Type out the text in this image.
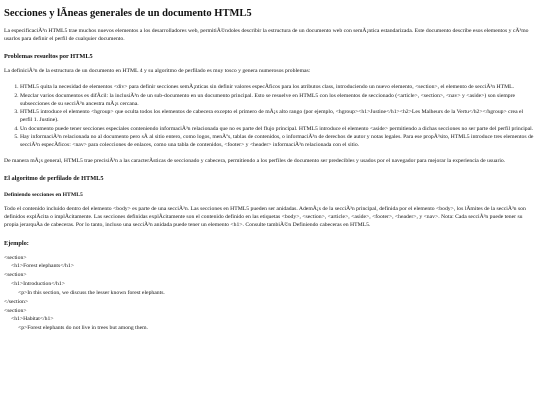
Secciones y lÃneas generales de un documento HTML5

La especificaciÃ³n HTML5 trae muchos nuevos elementos a los desarrolladores web, permitiÃ©ndoles describir la estructura de un documento web con semÃ¡ntica estandarizada. Este documento describe esos elementos y cÃ³mo usarlos para definir el perfil de cualquier documento.

Problemas resueltos por HTML5

La definiciÃ³n de la estructura de un documento en HTML 4 y su algoritmo de perfilado es muy tosco y genera numerosos problemas:

1. HTML5 quita la necesidad de elementos <div> para definir secciones semÃ¡nticas sin definir valores especÃficos para los atributos class, introduciendo un nuevo elemento, <section>, el elemento de secciÃ³n HTML.
2. Mezclar varios documentos es difÃcil: la inclusiÃ³n de un sub-documento en un documento principal. Esto se resuelve en HTML5 con los elementos de seccionado (<article>, <section>, <nav> y <aside>) son siempre subsecciones de su secciÃ³n ancestra mÃ¡s cercana.
3. HTML5 introduce el elemento <hgroup> que oculta todos los elementos de cabecera excepto el primero de mÃ¡s alto rango (por ejemplo, <hgroup><h1>Justine</h1><h2>Les Malheurs de la Vertu</h2></hgroup> crea el perfil 1. Justine).
4. Un documento puede tener secciones especiales conteniendo informaciÃ³n relacionada que no es parte del flujo principal. HTML5 introduce el elemento <aside> permitiendo a dichas secciones no ser parte del perfil principal.
5. Hay informaciÃ³n relacionada no al documento pero sÃ al sitio entero, como logos, menÃºs, tablas de contenidos, o informaciÃ³n de derechos de autor y notas legales. Para ese propÃ³sito, HTML5 introduce tres elementos de secciÃ³n especÃficos: <nav> para colecciones de enlaces, como una tabla de contenidos, <footer> y <header> informaciÃ³n relacionada con el sitio.

De manera mÃ¡s general, HTML5 trae precisiÃ³n a las caracterÃsticas de seccionado y cabecera, permitiendo a los perfiles de documento ser predecibles y usados por el navegador para mejorar la experiencia de usuario.

El algoritmo de perfilado de HTML5
Definiendo secciones en HTML5

Todo el contenido incluido dentro del elemento <body> es parte de una secciÃ³n. Las secciones en HTML5 pueden ser anidadas. AdemÃ¡s de la secciÃ³n principal, definida por el elemento <body>, los lÃmites de la secciÃ³n son definidos explÃcita o implÃcitamente. Las secciones definidas explÃcitamente son el contenido definido en las etiquetas <body>, <section>, <article>, <aside>, <footer>, <header>, y <nav>. Nota: Cada secciÃ³n puede tener su propia jerarquÃa de cabeceras. Por lo tanto, incluso una secciÃ³n anidada puede tener un elemento <h1>. Consulte tambiÃ©n Definiendo cabeceras en HTML5.

Ejemplo:
<section>
<h1>Forest elephants</h1>
<section>
<h1>Introduction</h1>
<p>In this section, we discuss the lesser known forest elephants.
</section>
<section>
<h1>Habitat</h1>
<p>Forest elephants do not live in trees but among them.
